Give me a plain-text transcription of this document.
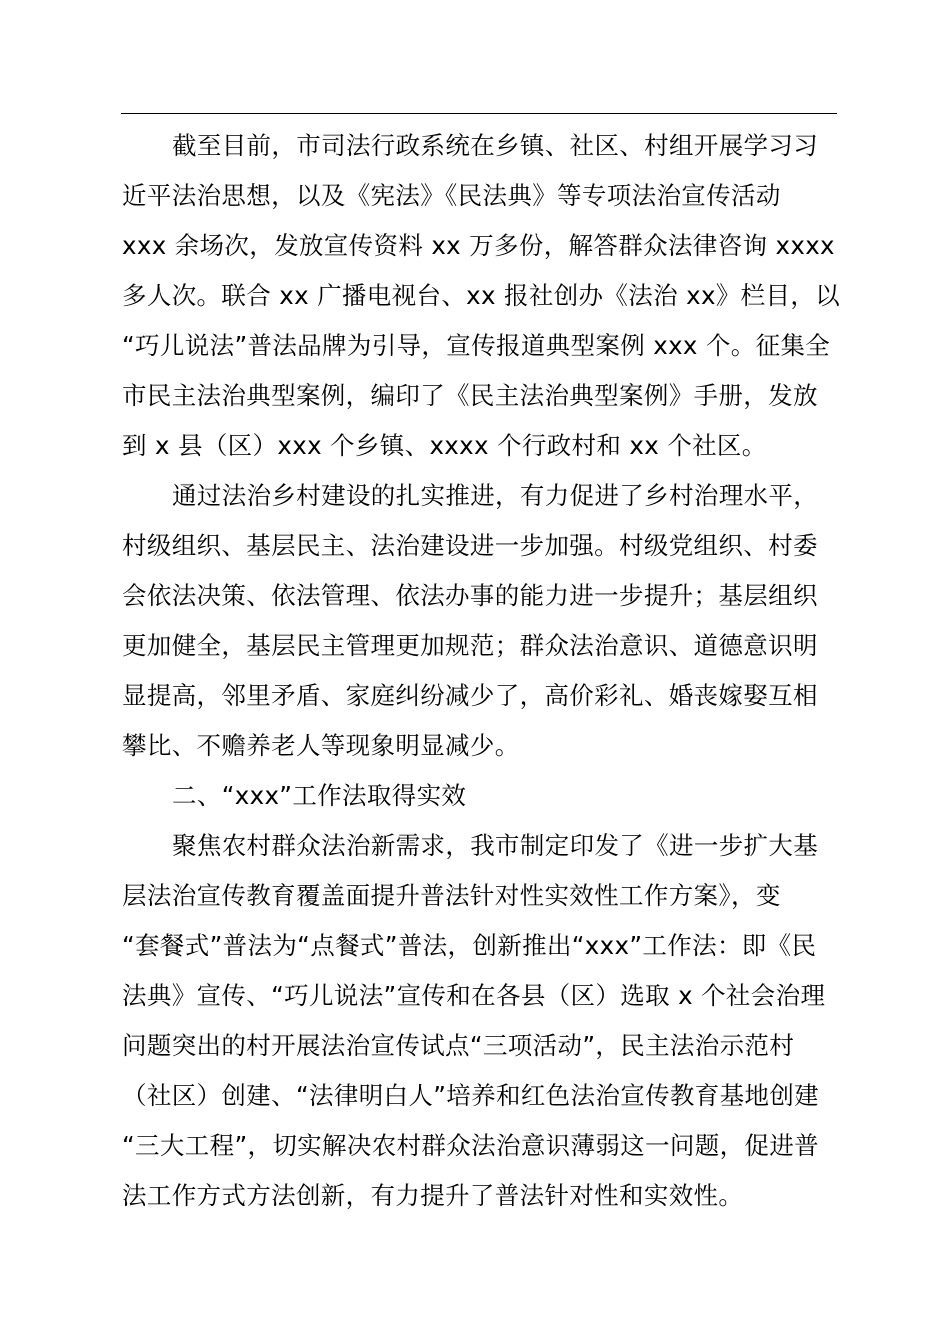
截至目前，市司法行政系统在乡镇、社区、村组开展学习习
近平法治思想，以及《宪法》《民法典》等专项法治宣传活动
xxx 余场次，发放宣传资料 xx 万多份，解答群众法律咨询 xxxx
多人次。联合 xx 广播电视台、xx 报社创办《法治 xx》栏目，以
“巧儿说法”普法品牌为引导，宣传报道典型案例 xxx 个。征集全
市民主法治典型案例，编印了《民主法治典型案例》手册，发放
到 x 县（区）xxx 个乡镇、xxxx 个行政村和 xx 个社区。
通过法治乡村建设的扎实推进，有力促进了乡村治理水平，
村级组织、基层民主、法治建设进一步加强。村级党组织、村委
会依法决策、依法管理、依法办事的能力进一步提升；基层组织
更加健全，基层民主管理更加规范；群众法治意识、道德意识明
显提高，邻里矛盾、家庭纠纷减少了，高价彩礼、婚丧嫁娶互相
攀比、不赡养老人等现象明显减少。
二、“xxx”工作法取得实效
聚焦农村群众法治新需求，我市制定印发了《进一步扩大基
层法治宣传教育覆盖面提升普法针对性实效性工作方案》，变
“套餐式”普法为“点餐式”普法，创新推出“xxx”工作法：即《民
法典》宣传、“巧儿说法”宣传和在各县（区）选取 x 个社会治理
问题突出的村开展法治宣传试点“三项活动”，民主法治示范村
（社区）创建、“法律明白人”培养和红色法治宣传教育基地创建
“三大工程”，切实解决农村群众法治意识薄弱这一问题，促进普
法工作方式方法创新，有力提升了普法针对性和实效性。
